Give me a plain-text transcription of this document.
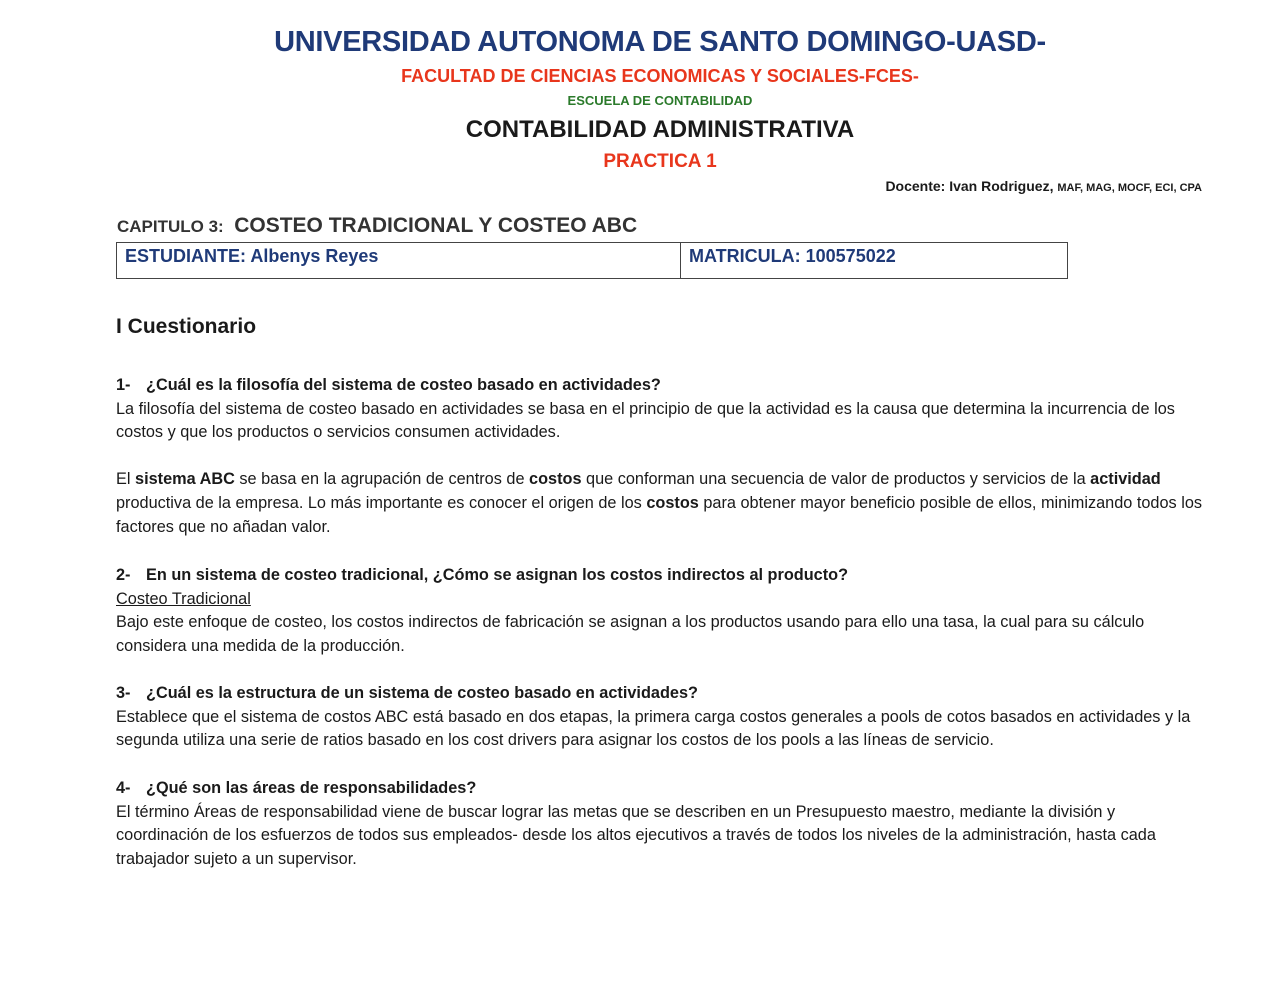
UNIVERSIDAD AUTONOMA DE SANTO DOMINGO-UASD-
FACULTAD DE CIENCIAS ECONOMICAS Y SOCIALES-FCES-
ESCUELA DE CONTABILIDAD
CONTABILIDAD ADMINISTRATIVA
PRACTICA 1
Docente: Ivan Rodriguez, MAF, MAG, MOCF, ECI, CPA
CAPITULO 3: COSTEO TRADICIONAL Y COSTEO ABC
ESTUDIANTE: Albenys Reyes	MATRICULA: 100575022
I Cuestionario
1- ¿Cuál es la filosofía del sistema de costeo basado en actividades?

La filosofía del sistema de costeo basado en actividades se basa en el principio de que la actividad es la causa que determina la incurrencia de los costos y que los productos o servicios consumen actividades.

El sistema ABC se basa en la agrupación de centros de costos que conforman una secuencia de valor de productos y servicios de la actividad productiva de la empresa. Lo más importante es conocer el origen de los costos para obtener mayor beneficio posible de ellos, minimizando todos los factores que no añadan valor.

2- En un sistema de costeo tradicional, ¿Cómo se asignan los costos indirectos al producto?

Costeo Tradicional

Bajo este enfoque de costeo, los costos indirectos de fabricación se asignan a los productos usando para ello una tasa, la cual para su cálculo considera una medida de la producción.

3- ¿Cuál es la estructura de un sistema de costeo basado en actividades?

Establece que el sistema de costos ABC está basado en dos etapas, la primera carga costos generales a pools de cotos basados en actividades y la segunda utiliza una serie de ratios basado en los cost drivers para asignar los costos de los pools a las líneas de servicio.

4- ¿Qué son las áreas de responsabilidades?

El término Áreas de responsabilidad viene de buscar lograr las metas que se describen en un Presupuesto maestro, mediante la división y coordinación de los esfuerzos de todos sus empleados- desde los altos ejecutivos a través de todos los niveles de la administración, hasta cada trabajador sujeto a un supervisor.
